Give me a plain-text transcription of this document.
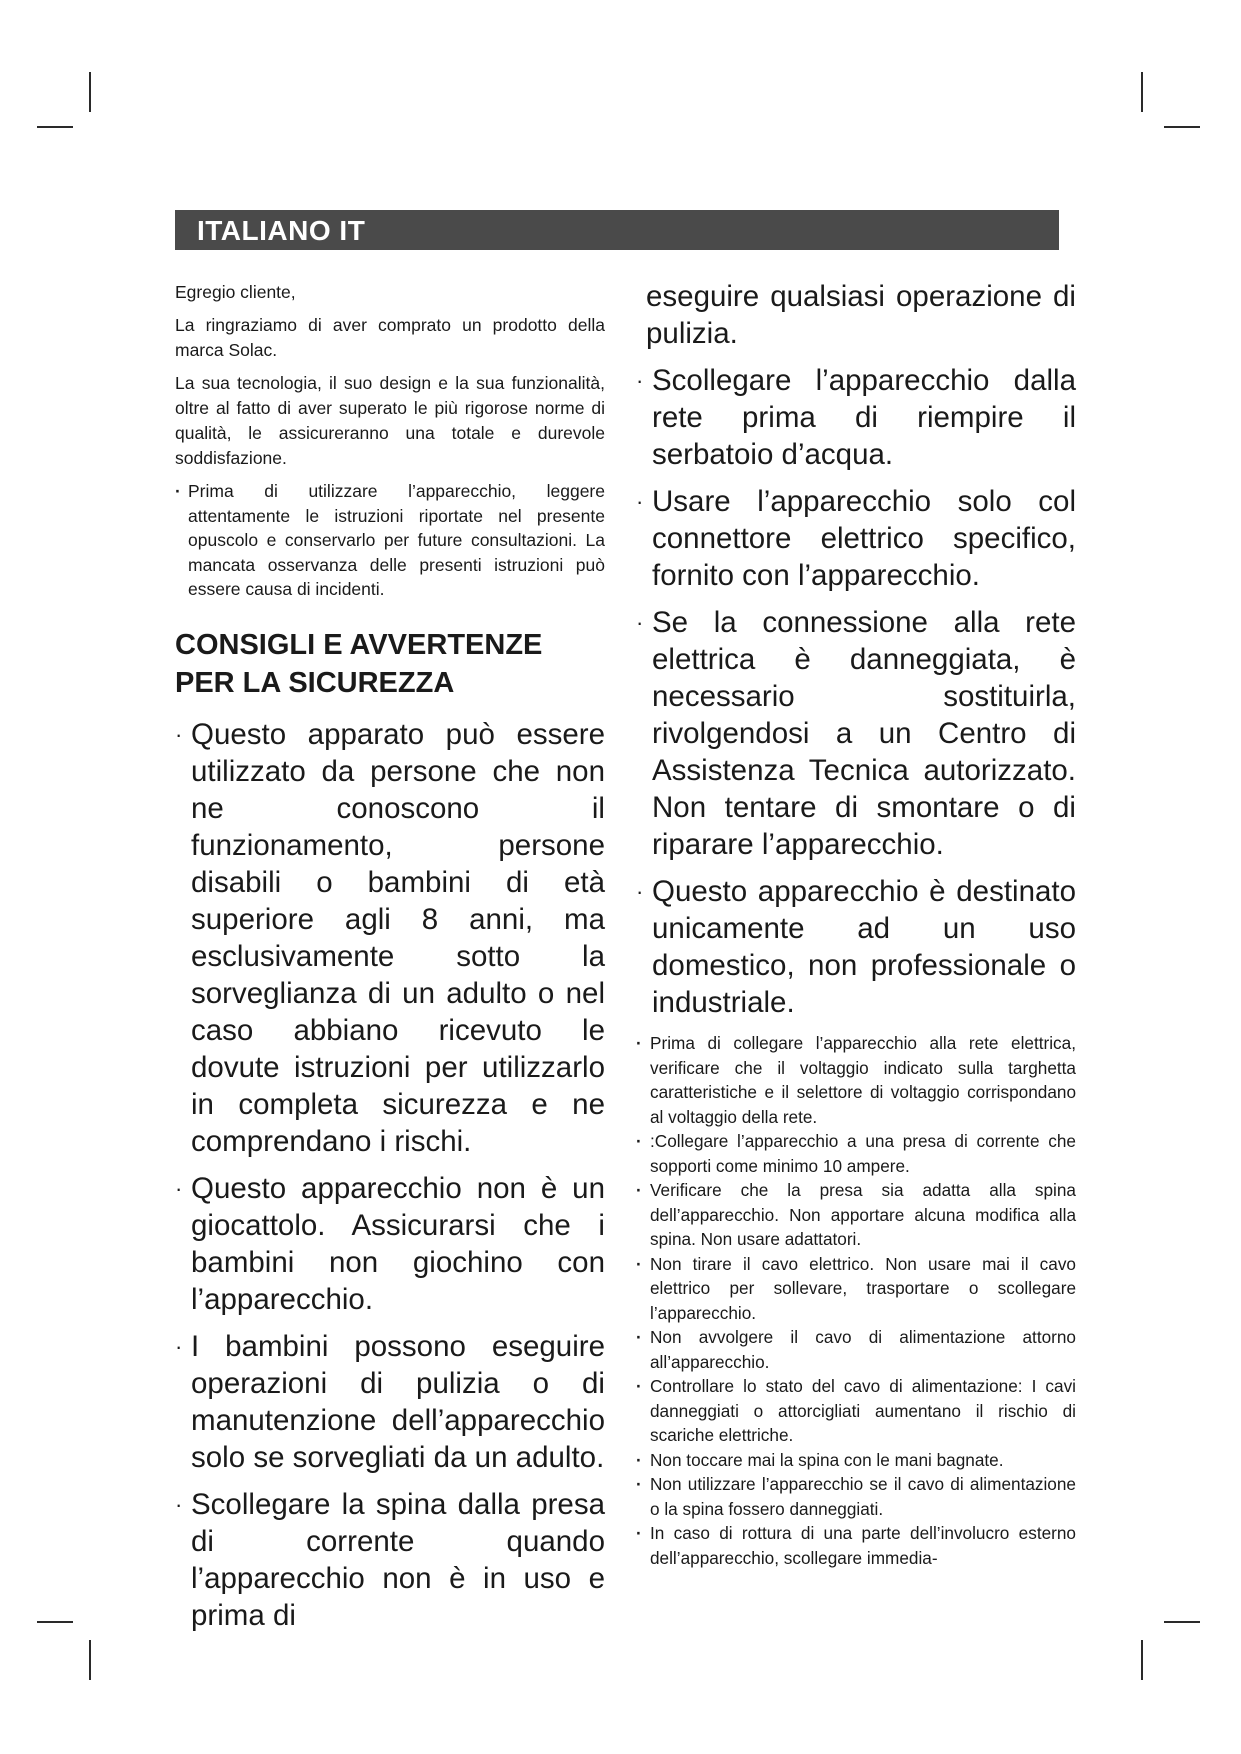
ITALIANO IT

Egregio cliente,

La ringraziamo di aver comprato un prodotto della marca Solac.

La sua tecnologia, il suo design e la sua funzionalità, oltre al fatto di aver superato le più rigorose norme di qualità, le assicureranno una totale e durevole soddisfazione.

· Prima di utilizzare l’apparecchio, leggere attentamente le istruzioni riportate nel presente opuscolo e conservarlo per future consultazioni. La mancata osservanza delle presenti istruzioni può essere causa di incidenti.

CONSIGLI E AVVERTENZE PER LA SICUREZZA

· Questo apparato può essere utilizzato da persone che non ne conoscono il funzionamento, persone disabili o bambini di età superiore agli 8 anni, ma esclusivamente sotto la sorveglianza di un adulto o nel caso abbiano ricevuto le dovute istruzioni per utilizzarlo in completa sicurezza e ne comprendano i rischi.

· Questo apparecchio non è un giocattolo. Assicurarsi che i bambini non giochino con l’apparecchio.

· I bambini possono eseguire operazioni di pulizia o di manutenzione dell’apparecchio solo se sorvegliati da un adulto.

· Scollegare la spina dalla presa di corrente quando l’apparecchio non è in uso e prima di

eseguire qualsiasi operazione di pulizia.

· Scollegare l’apparecchio dalla rete prima di riempire il serbatoio d’acqua.

· Usare l’apparecchio solo col connettore elettrico specifico, fornito con l’apparecchio.

· Se la connessione alla rete elettrica è danneggiata, è necessario sostituirla, rivolgendosi a un Centro di Assistenza Tecnica autorizzato. Non tentare di smontare o di riparare l’apparecchio.

· Questo apparecchio è destinato unicamente ad un uso domestico, non professionale o industriale.

· Prima di collegare l’apparecchio alla rete elettrica, verificare che il voltaggio indicato sulla targhetta caratteristiche e il selettore di voltaggio corrispondano al voltaggio della rete.

· :Collegare l’apparecchio a una presa di corrente che sopporti come minimo 10 ampere.

· Verificare che la presa sia adatta alla spina dell’apparecchio. Non apportare alcuna modifica alla spina. Non usare adattatori.

· Non tirare il cavo elettrico. Non usare mai il cavo elettrico per sollevare, trasportare o scollegare l’apparecchio.

· Non avvolgere il cavo di alimentazione attorno all’apparecchio.

· Controllare lo stato del cavo di alimentazione: I cavi danneggiati o attorcigliati aumentano il rischio di scariche elettriche.

· Non toccare mai la spina con le mani bagnate.

· Non utilizzare l’apparecchio se il cavo di alimentazione o la spina fossero danneggiati.

· In caso di rottura di una parte dell’involucro esterno dell’apparecchio, scollegare immedia-
